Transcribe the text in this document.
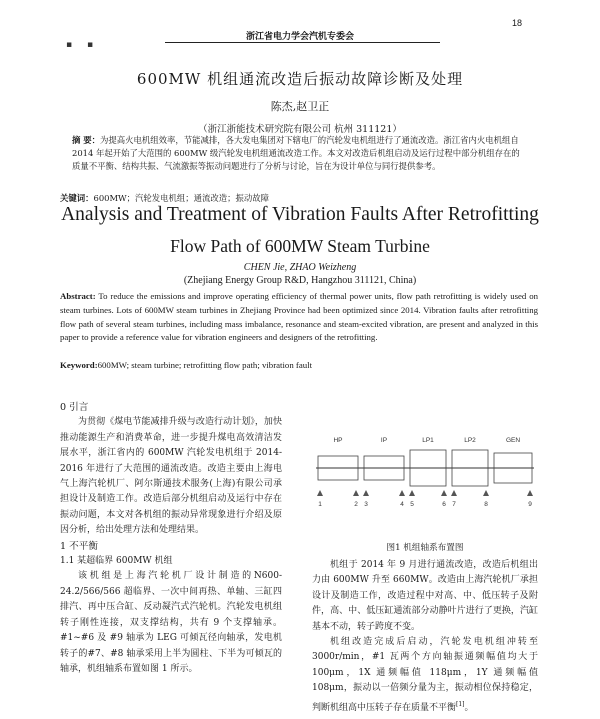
18
▪ ▪
浙江省电力学会汽机专委会
600MW 机组通流改造后振动故障诊断及处理
陈杰,赵卫正
（浙江浙能技术研究院有限公司 杭州 311121）
摘 要：为提高火电机组效率，节能减排，各大发电集团对下辖电厂的汽轮发电机组进行了通流改造。浙江省内火电机组自 2014 年起开始了大范围的 600MW 级汽轮发电机组通流改造工作。本文对改造后机组启动及运行过程中部分机组存在的质量不平衡、结构共振、气流激振等振动问题进行了分析与讨论，旨在为设计单位与同行提供参考。
关键词：600MW；汽轮发电机组；通流改造；振动故障
Analysis and Treatment of Vibration Faults After Retrofitting
Flow Path of 600MW Steam Turbine
CHEN Jie, ZHAO Weizheng
(Zhejiang Energy Group R&D, Hangzhou 311121, China)
Abstract: To reduce the emissions and improve operating efficiency of thermal power units, flow path retrofitting is widely used on steam turbines. Lots of 600MW steam turbines in Zhejiang Province had been optimized since 2014. Vibration faults after retrofitting flow path of several steam turbines, including mass imbalance, resonance and steam-excited vibration, are present and analyzed in this paper to provide a reference value for vibration engineers and designers of the retrofitting.
Keyword:600MW; steam turbine; retrofitting flow path; vibration fault

0 引言

为贯彻《煤电节能减排升级与改造行动计划》，加快推动能源生产和消费革命，进一步提升煤电高效清洁发展水平，浙江省内的 600MW 汽轮发电机组于 2014-2016 年进行了大范围的通流改造。改造主要由上海电气上海汽轮机厂、阿尔斯通技术服务(上海)有限公司承担设计及制造工作。改造后部分机组启动及运行中存在振动问题，本文对各机组的振动异常现象进行介绍及原因分析，给出处理方法和处理结果。

1 不平衡

1.1 某超临界 600MW 机组

该机组是上海汽轮机厂设计制造的N600-24.2/566/566 超临界、一次中间再热、单轴、三缸四排汽、再中压合缸、反动凝汽式汽轮机。汽轮发电机组转子刚性连接，双支撑结构，共有 9 个支撑轴承。#1~#6 及 #9 轴承为 LEG 可倾瓦径向轴承，发电机转子的#7、#8 轴承采用上半为圆柱、下半为可倾瓦的轴承，机组轴系布置如图 1 所示。

HP	IP	LP1	LP2	GEN
1	2 3	4 5	6 7	8	9
图1 机组轴系布置图

机组于 2014 年 9 月进行通流改造，改造后机组出力由 600MW 升至 660MW。改造由上海汽轮机厂承担设计及制造工作，改造过程中对高、中、低压转子及附件，高、中、低压缸通流部分动静叶片进行了更换，汽缸基本不动，转子跨度不变。

机组改造完成后启动，汽轮发电机组冲转至 3000r/min，#1 瓦两个方向轴振通频幅值均大于 100μm，1X 通频幅值 118μm，1Y 通频幅值 108μm，振动以一倍频分量为主，振动相位保持稳定，判断机组高中压转子存在质量不平衡[1]。
